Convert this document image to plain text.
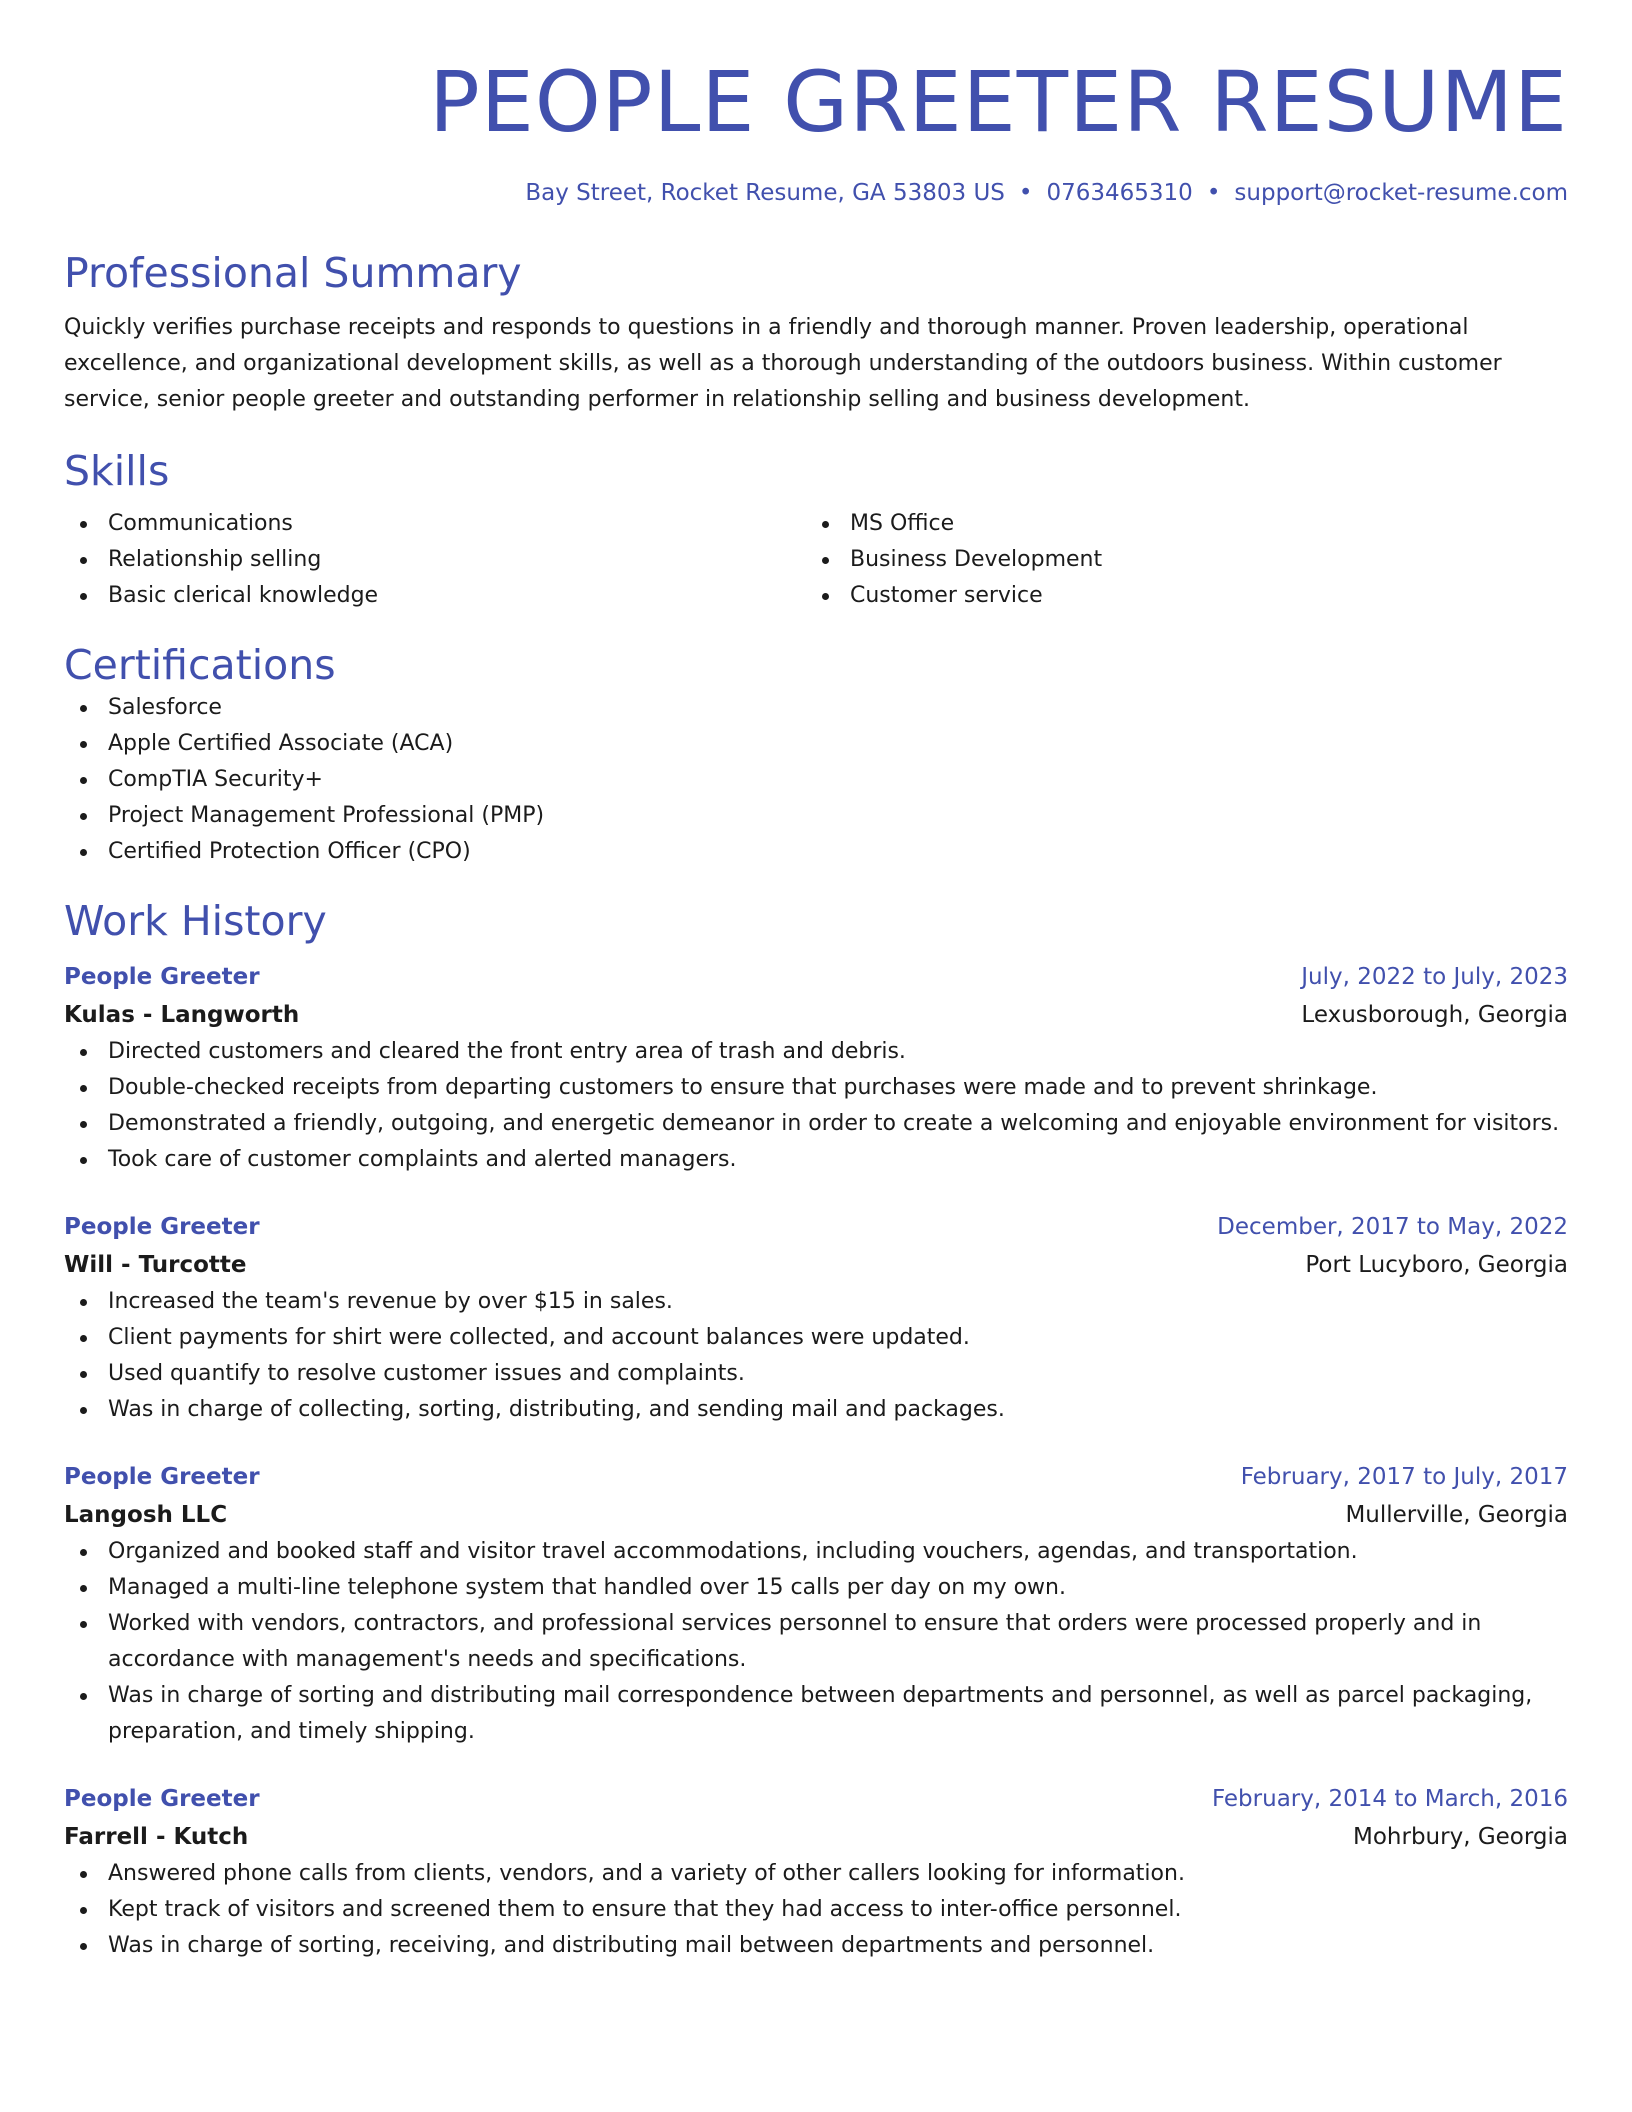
PEOPLE GREETER RESUME
Bay Street, Rocket Resume, GA 53803 US • 0763465310 • support@rocket-resume.com
Professional Summary

Quickly verifies purchase receipts and responds to questions in a friendly and thorough manner. Proven leadership, operational excellence, and organizational development skills, as well as a thorough understanding of the outdoors business. Within customer service, senior people greeter and outstanding performer in relationship selling and business development.

Skills
Communications
Relationship selling
Basic clerical knowledge
MS Office
Business Development
Customer service
Certifications
Salesforce
Apple Certified Associate (ACA)
CompTIA Security+
Project Management Professional (PMP)
Certified Protection Officer (CPO)
Work History
People Greeter	July, 2022 to July, 2023
Kulas - Langworth	Lexusborough, Georgia
Directed customers and cleared the front entry area of trash and debris.
Double-checked receipts from departing customers to ensure that purchases were made and to prevent shrinkage.
Demonstrated a friendly, outgoing, and energetic demeanor in order to create a welcoming and enjoyable environment for visitors.
Took care of customer complaints and alerted managers.
People Greeter	December, 2017 to May, 2022
Will - Turcotte	Port Lucyboro, Georgia
Increased the team's revenue by over $15 in sales.
Client payments for shirt were collected, and account balances were updated.
Used quantify to resolve customer issues and complaints.
Was in charge of collecting, sorting, distributing, and sending mail and packages.
People Greeter	February, 2017 to July, 2017
Langosh LLC	Mullerville, Georgia
Organized and booked staff and visitor travel accommodations, including vouchers, agendas, and transportation.
Managed a multi-line telephone system that handled over 15 calls per day on my own.
Worked with vendors, contractors, and professional services personnel to ensure that orders were processed properly and in accordance with management's needs and specifications.
Was in charge of sorting and distributing mail correspondence between departments and personnel, as well as parcel packaging, preparation, and timely shipping.
People Greeter	February, 2014 to March, 2016
Farrell - Kutch	Mohrbury, Georgia
Answered phone calls from clients, vendors, and a variety of other callers looking for information.
Kept track of visitors and screened them to ensure that they had access to inter-office personnel.
Was in charge of sorting, receiving, and distributing mail between departments and personnel.
